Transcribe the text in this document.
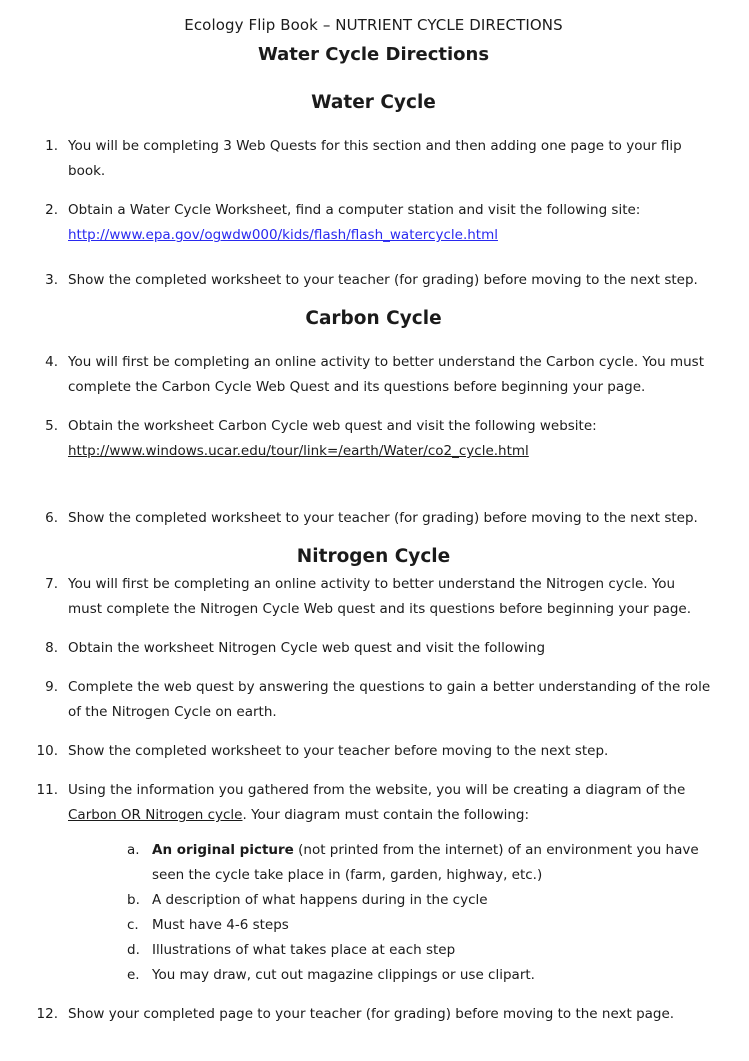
Ecology Flip Book – NUTRIENT CYCLE DIRECTIONS
Water Cycle Directions
Water Cycle
1. You will be completing 3 Web Quests for this section and then adding one page to your flip book.
2. Obtain a Water Cycle Worksheet, find a computer station and visit the following site:
http://www.epa.gov/ogwdw000/kids/flash/flash_watercycle.html
3. Show the completed worksheet to your teacher (for grading) before moving to the next step.
Carbon Cycle
4. You will first be completing an online activity to better understand the Carbon cycle. You must complete the Carbon Cycle Web Quest and its questions before beginning your page.
5. Obtain the worksheet Carbon Cycle web quest and visit the following website:
http://www.windows.ucar.edu/tour/link=/earth/Water/co2_cycle.html
6. Show the completed worksheet to your teacher (for grading) before moving to the next step.
Nitrogen Cycle
7. You will first be completing an online activity to better understand the Nitrogen cycle. You must complete the Nitrogen Cycle Web quest and its questions before beginning your page.
8. Obtain the worksheet Nitrogen Cycle web quest and visit the following
9. Complete the web quest by answering the questions to gain a better understanding of the role of the Nitrogen Cycle on earth.
10. Show the completed worksheet to your teacher before moving to the next step.
11. Using the information you gathered from the website, you will be creating a diagram of the Carbon OR Nitrogen cycle. Your diagram must contain the following:
a. An original picture (not printed from the internet) of an environment you have seen the cycle take place in (farm, garden, highway, etc.)
b. A description of what happens during in the cycle
c. Must have 4-6 steps
d. Illustrations of what takes place at each step
e. You may draw, cut out magazine clippings or use clipart.
12. Show your completed page to your teacher (for grading) before moving to the next page.
